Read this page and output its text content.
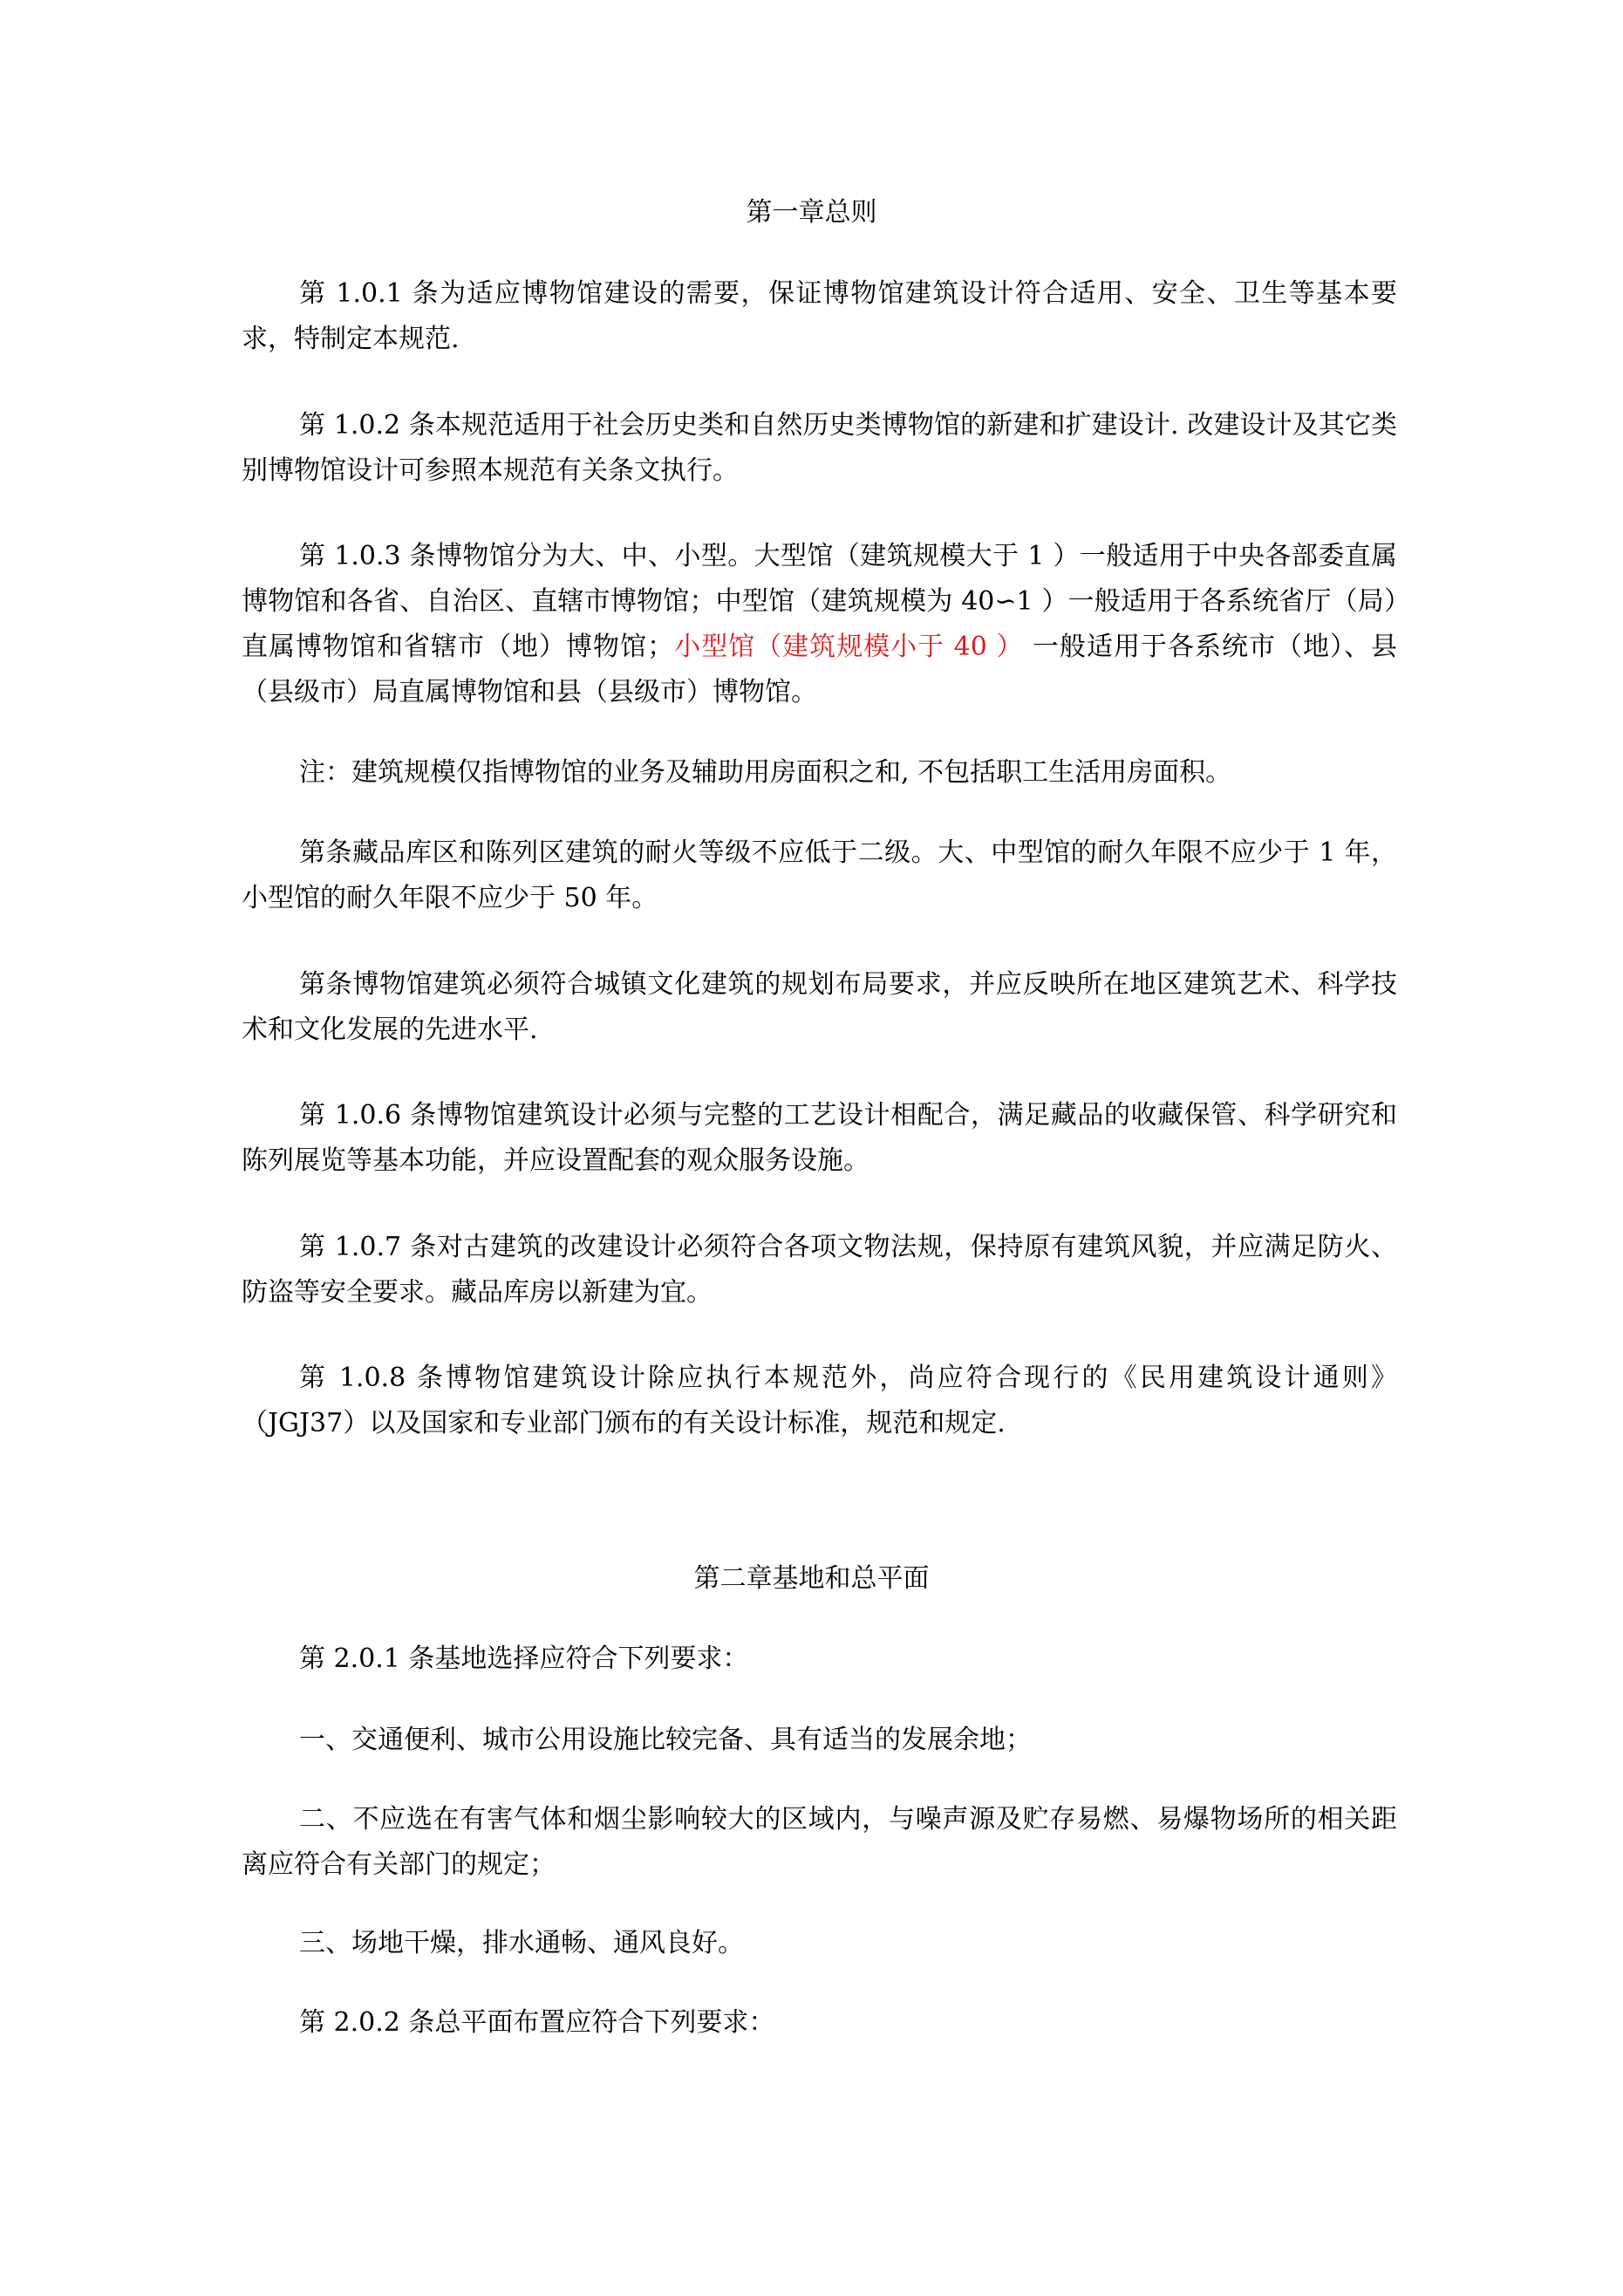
第一章总则

第 1.0.1 条为适应博物馆建设的需要，保证博物馆建筑设计符合适用、安全、卫生等基本要求，特制定本规范.

第 1.0.2 条本规范适用于社会历史类和自然历史类博物馆的新建和扩建设计. 改建设计及其它类别博物馆设计可参照本规范有关条文执行。

第 1.0.3 条博物馆分为大、中、小型。大型馆（建筑规模大于 1 ）一般适用于中央各部委直属博物馆和各省、自治区、直辖市博物馆；中型馆（建筑规模为 40∽1 ）一般适用于各系统省厅（局）直属博物馆和省辖市（地）博物馆；小型馆（建筑规模小于 40 ） 一般适用于各系统市（地）、县（县级市）局直属博物馆和县（县级市）博物馆。

注：建筑规模仅指博物馆的业务及辅助用房面积之和, 不包括职工生活用房面积。

第条藏品库区和陈列区建筑的耐火等级不应低于二级。大、中型馆的耐久年限不应少于 1 年，小型馆的耐久年限不应少于 50 年。

第条博物馆建筑必须符合城镇文化建筑的规划布局要求，并应反映所在地区建筑艺术、科学技术和文化发展的先进水平.

第 1.0.6 条博物馆建筑设计必须与完整的工艺设计相配合，满足藏品的收藏保管、科学研究和陈列展览等基本功能，并应设置配套的观众服务设施。

第 1.0.7 条对古建筑的改建设计必须符合各项文物法规，保持原有建筑风貌，并应满足防火、防盗等安全要求。藏品库房以新建为宜。

第 1.0.8 条博物馆建筑设计除应执行本规范外，尚应符合现行的《民用建筑设计通则》（JGJ37）以及国家和专业部门颁布的有关设计标准，规范和规定.

第二章基地和总平面

第 2.0.1 条基地选择应符合下列要求：

一、交通便利、城市公用设施比较完备、具有适当的发展余地；

二、不应选在有害气体和烟尘影响较大的区域内，与噪声源及贮存易燃、易爆物场所的相关距离应符合有关部门的规定；

三、场地干燥，排水通畅、通风良好。

第 2.0.2 条总平面布置应符合下列要求：
